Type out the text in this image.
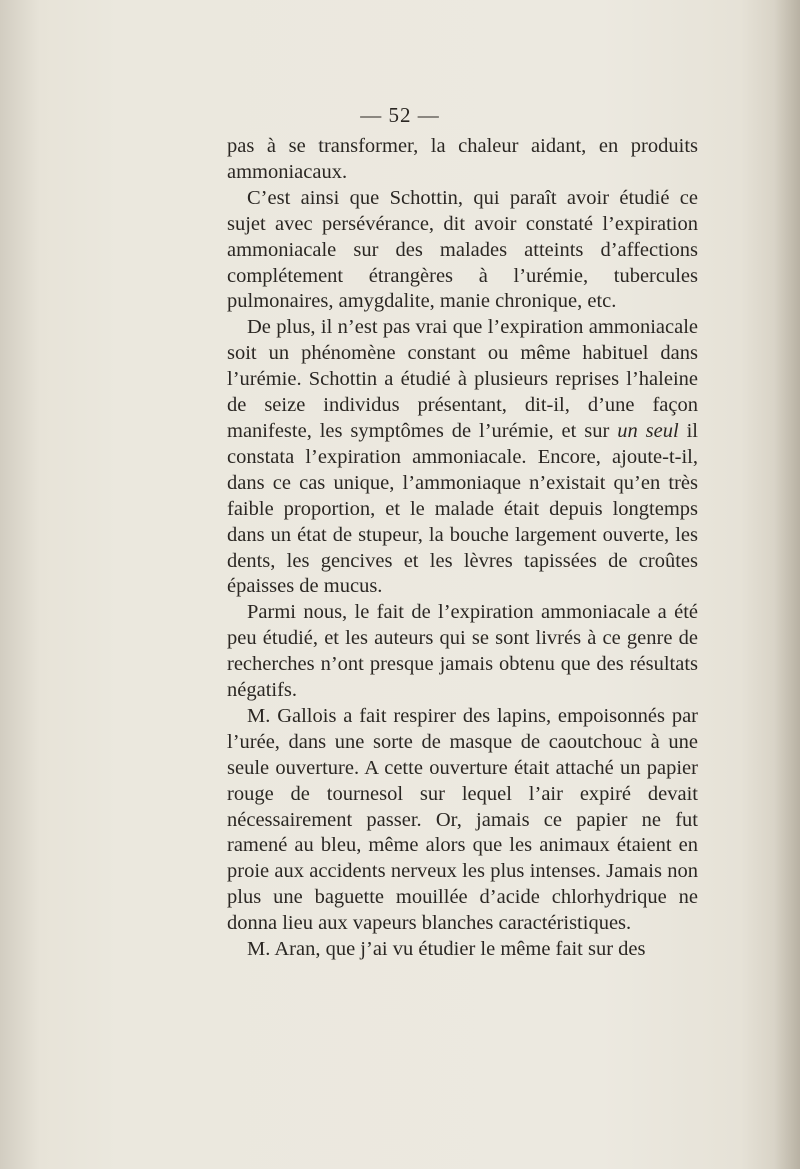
— 52 —

pas à se transformer, la chaleur aidant, en produits ammoniacaux.

C’est ainsi que Schottin, qui paraît avoir étudié ce sujet avec persévérance, dit avoir constaté l’expiration ammoniacale sur des malades atteints d’affections complétement étrangères à l’urémie, tubercules pulmonaires, amygdalite, manie chronique, etc.

De plus, il n’est pas vrai que l’expiration ammoniacale soit un phénomène constant ou même habituel dans l’urémie. Schottin a étudié à plusieurs reprises l’haleine de seize individus présentant, dit-il, d’une façon manifeste, les symptômes de l’urémie, et sur un seul il constata l’expiration ammoniacale. Encore, ajoute-t-il, dans ce cas unique, l’ammoniaque n’existait qu’en très faible proportion, et le malade était depuis longtemps dans un état de stupeur, la bouche largement ouverte, les dents, les gencives et les lèvres tapissées de croûtes épaisses de mucus.

Parmi nous, le fait de l’expiration ammoniacale a été peu étudié, et les auteurs qui se sont livrés à ce genre de recherches n’ont presque jamais obtenu que des résultats négatifs.

M. Gallois a fait respirer des lapins, empoisonnés par l’urée, dans une sorte de masque de caoutchouc à une seule ouverture. A cette ouverture était attaché un papier rouge de tournesol sur lequel l’air expiré devait nécessairement passer. Or, jamais ce papier ne fut ramené au bleu, même alors que les animaux étaient en proie aux accidents nerveux les plus intenses. Jamais non plus une baguette mouillée d’acide chlorhydrique ne donna lieu aux vapeurs blanches caractéristiques.

M. Aran, que j’ai vu étudier le même fait sur des
